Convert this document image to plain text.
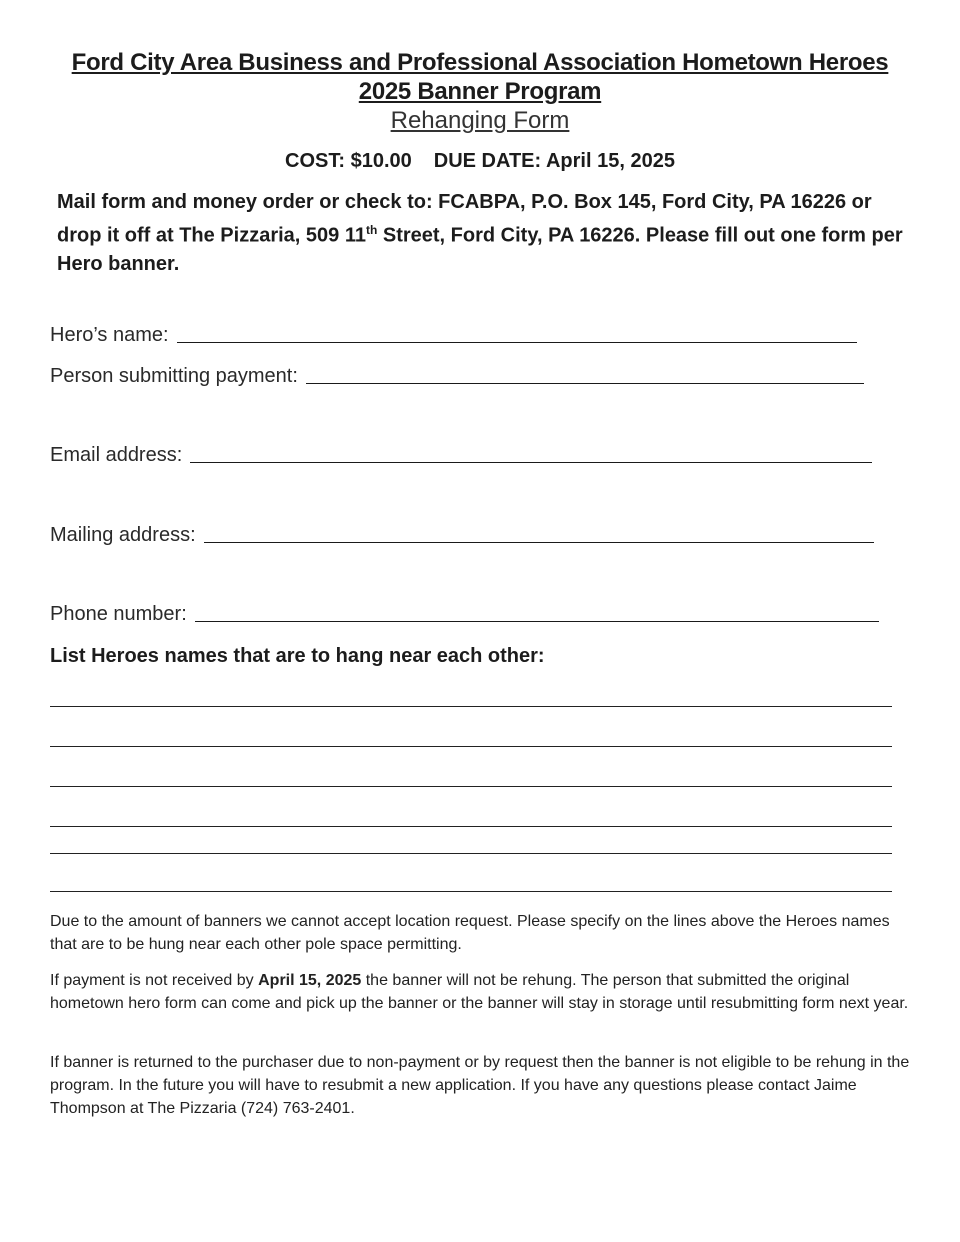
Ford City Area Business and Professional Association Hometown Heroes
2025 Banner Program
Rehanging Form
COST: $10.00 DUE DATE: April 15, 2025
Mail form and money order or check to: FCABPA, P.O. Box 145, Ford City, PA 16226 or drop it off at The Pizzaria, 509 11th Street, Ford City, PA 16226. Please fill out one form per Hero banner.
Hero’s name:
Person submitting payment:
Email address:
Mailing address:
Phone number:
List Heroes names that are to hang near each other:
Due to the amount of banners we cannot accept location request. Please specify on the lines above the Heroes names that are to be hung near each other pole space permitting.
If payment is not received by April 15, 2025 the banner will not be rehung. The person that submitted the original hometown hero form can come and pick up the banner or the banner will stay in storage until resubmitting form next year.
If banner is returned to the purchaser due to non-payment or by request then the banner is not eligible to be rehung in the program. In the future you will have to resubmit a new application. If you have any questions please contact Jaime Thompson at The Pizzaria (724) 763-2401.
